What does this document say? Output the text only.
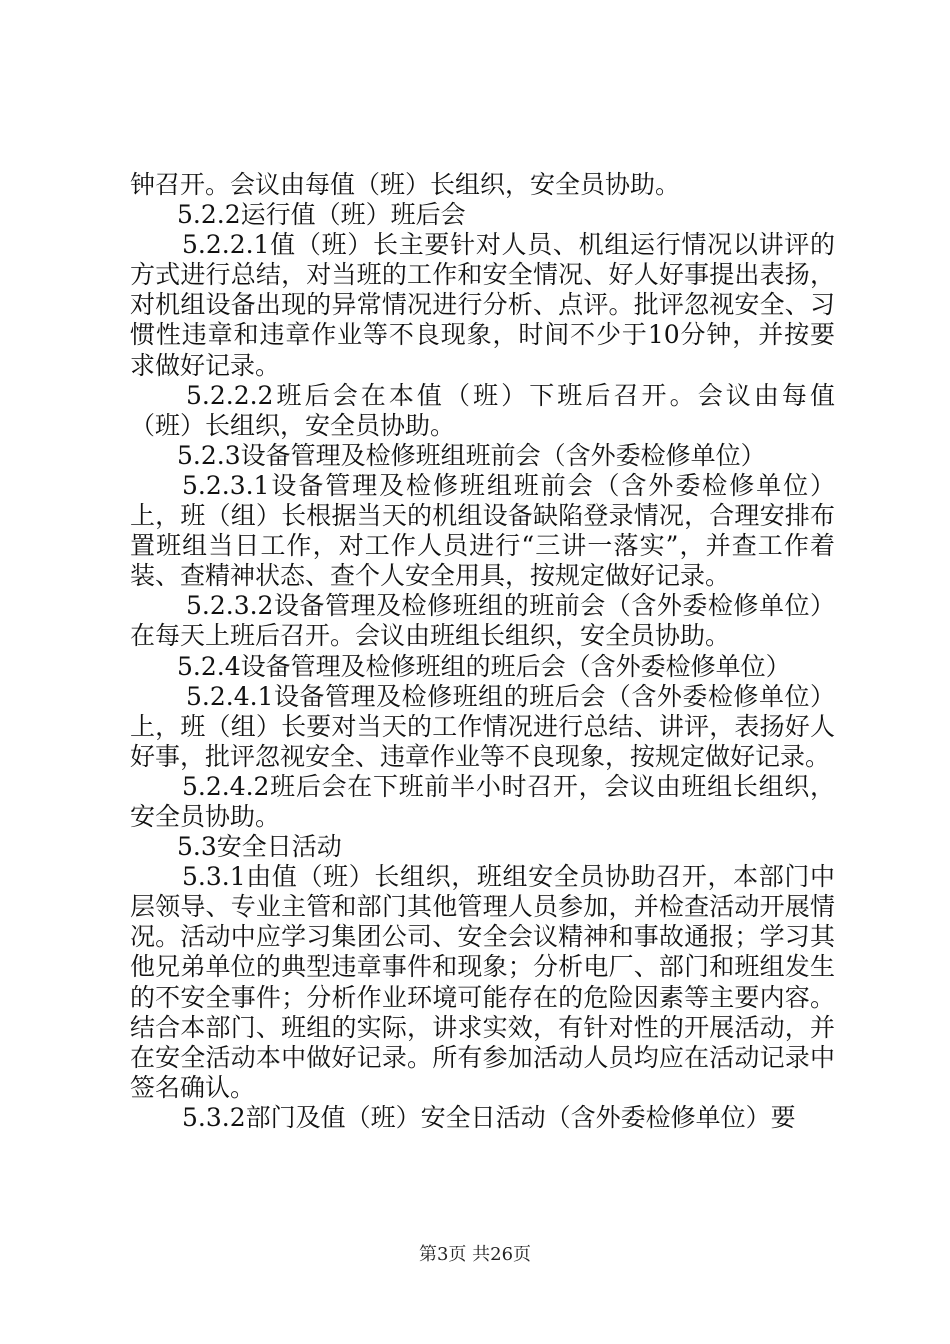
钟召开。会议由每值（班）长组织，安全员协助。

5.2.2运行值（班）班后会

5.2.2.1值（班）长主要针对人员、机组运行情况以讲评的方式进行总结，对当班的工作和安全情况、好人好事提出表扬，对机组设备出现的异常情况进行分析、点评。批评忽视安全、习惯性违章和违章作业等不良现象，时间不少于10分钟，并按要求做好记录。

5.2.2.2班后会在本值（班）下班后召开。会议由每值（班）长组织，安全员协助。

5.2.3设备管理及检修班组班前会（含外委检修单位）

5.2.3.1设备管理及检修班组班前会（含外委检修单位）上，班（组）长根据当天的机组设备缺陷登录情况，合理安排布置班组当日工作，对工作人员进行“三讲一落实”，并查工作着装、查精神状态、查个人安全用具，按规定做好记录。

5.2.3.2设备管理及检修班组的班前会（含外委检修单位）在每天上班后召开。会议由班组长组织，安全员协助。

5.2.4设备管理及检修班组的班后会（含外委检修单位）

5.2.4.1设备管理及检修班组的班后会（含外委检修单位）上，班（组）长要对当天的工作情况进行总结、讲评，表扬好人好事，批评忽视安全、违章作业等不良现象，按规定做好记录。

5.2.4.2班后会在下班前半小时召开，会议由班组长组织，安全员协助。

5.3安全日活动

5.3.1由值（班）长组织，班组安全员协助召开，本部门中层领导、专业主管和部门其他管理人员参加，并检查活动开展情况。活动中应学习集团公司、安全会议精神和事故通报；学习其他兄弟单位的典型违章事件和现象；分析电厂、部门和班组发生的不安全事件；分析作业环境可能存在的危险因素等主要内容。结合本部门、班组的实际，讲求实效，有针对性的开展活动，并在安全活动本中做好记录。所有参加活动人员均应在活动记录中签名确认。

5.3.2部门及值（班）安全日活动（含外委检修单位）要

第3页 共26页
